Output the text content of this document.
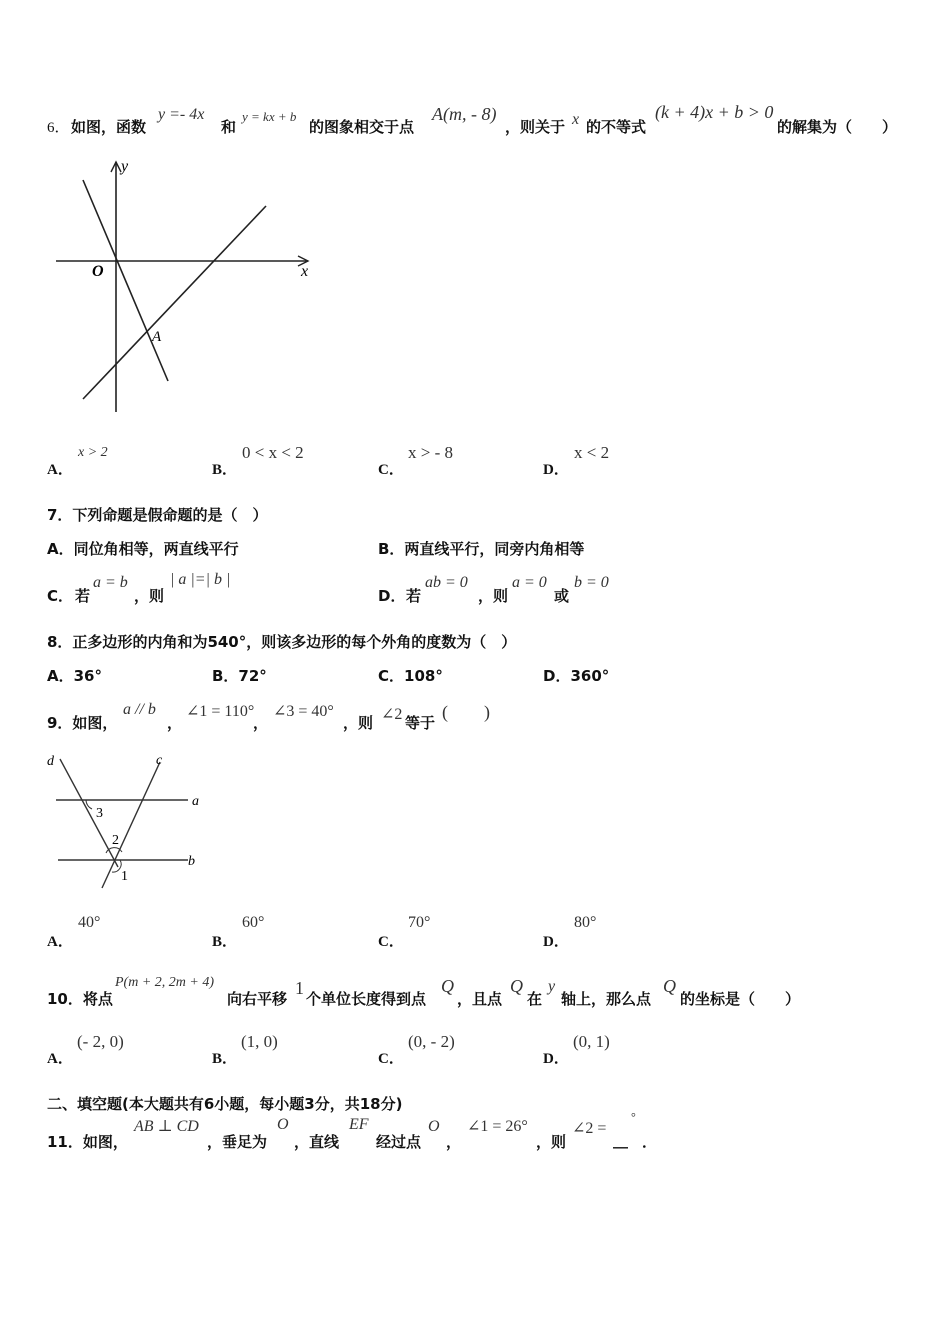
6． 如图，函数
y =- 4x
和
y = kx + b
的图象相交于点
A(m, - 8)
，则关于 x 的不等式
(k + 4)x + b > 0
的解集为（　　）
y
x
O
A
A．
x > 2
B．
0 < x < 2
C．
x > - 8
D．
x < 2
7．下列命题是假命题的是（　）
A．同位角相等，两直线平行	B．两直线平行，同旁内角相等
C． 若
a = b
，则
| a |=| b |
D． 若
ab = 0
，则
a = 0
或
b = 0
8．正多边形的内角和为540°，则该多边形的每个外角的度数为（　）
A．36°	B．72°	C．108°	D．360°
9．如图，
a // b
，
∠1 = 110°
，
∠3 = 40°
，则 ∠2 等于
(　　)
d	c
a
b
3
2
1
A．
40°
B．
60°
C．
70°
D．
80°
10．将点
P(m + 2, 2m + 4)
向右平移
1
个单位长度得到点
Q
，且点
Q
在
y
轴上，那么点
Q
的坐标是（　　）
A．
(- 2, 0)
B．
(1, 0)
C．
(0, - 2)
D．
(0, 1)
二、填空题(本大题共有6小题，每小题3分，共18分)
11．如图，
AB ⊥ CD
，垂足为
O
，直线
EF
经过点
O
，
∠1 = 26°
，则
∠2 =
__
°
．
